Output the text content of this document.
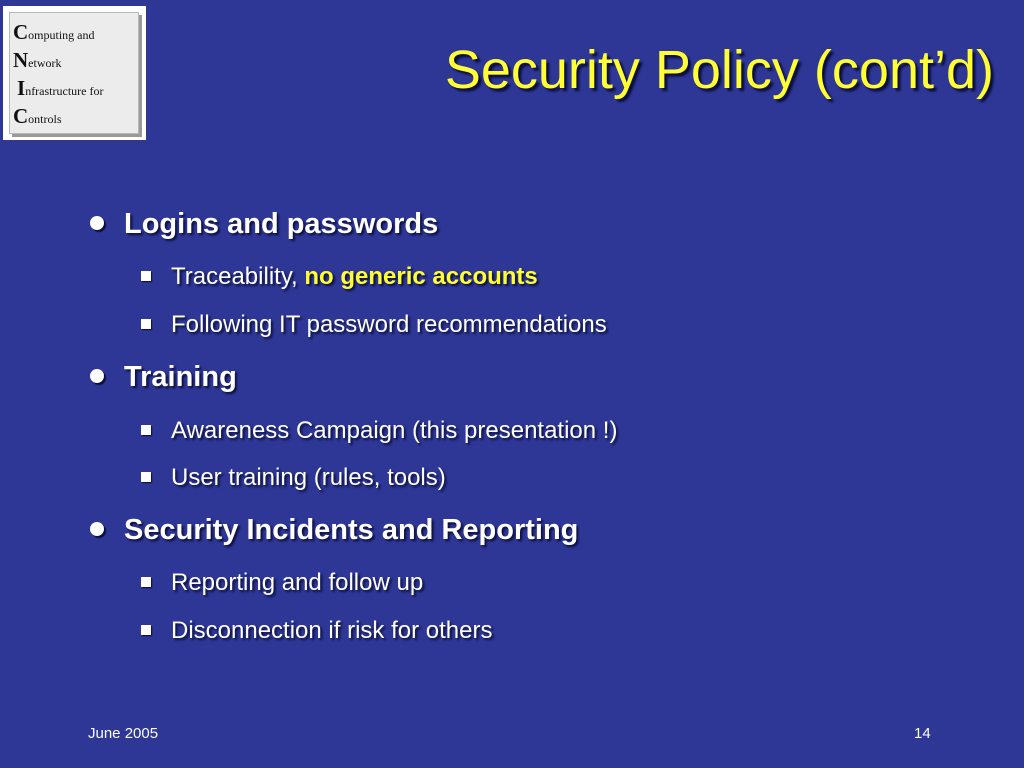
Computing and
Network
Infrastructure for
Controls
Security Policy (cont’d)
Logins and passwords
Traceability, no generic accounts
Following IT password recommendations
Training
Awareness Campaign (this presentation !)
User training (rules, tools)
Security Incidents and Reporting
Reporting and follow up
Disconnection if risk for others
June 2005	14
